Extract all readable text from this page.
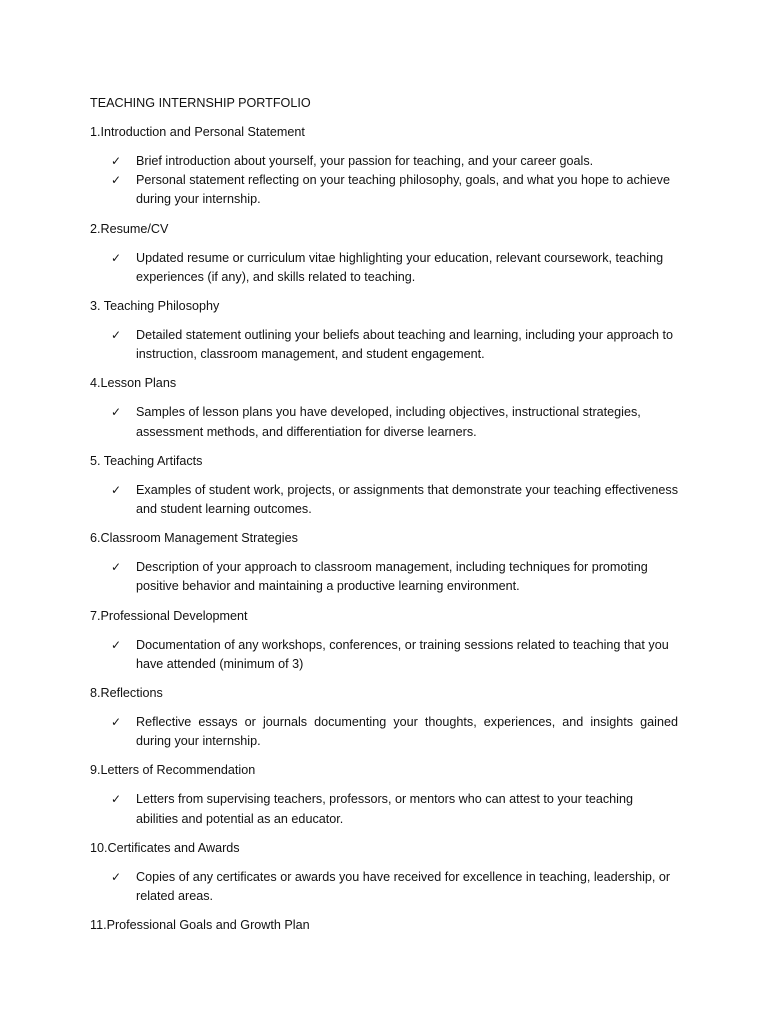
TEACHING INTERNSHIP PORTFOLIO
1.Introduction and Personal Statement
✓ Brief introduction about yourself, your passion for teaching, and your career goals.
✓ Personal statement reflecting on your teaching philosophy, goals, and what you hope to achieve during your internship.
2.Resume/CV
✓ Updated resume or curriculum vitae highlighting your education, relevant coursework, teaching experiences (if any), and skills related to teaching.
3. Teaching Philosophy
✓ Detailed statement outlining your beliefs about teaching and learning, including your approach to instruction, classroom management, and student engagement.
4.Lesson Plans
✓ Samples of lesson plans you have developed, including objectives, instructional strategies, assessment methods, and differentiation for diverse learners.
5. Teaching Artifacts
✓ Examples of student work, projects, or assignments that demonstrate your teaching effectiveness and student learning outcomes.
6.Classroom Management Strategies
✓ Description of your approach to classroom management, including techniques for promoting positive behavior and maintaining a productive learning environment.
7.Professional Development
✓ Documentation of any workshops, conferences, or training sessions related to teaching that you have attended (minimum of 3)
8.Reflections
✓ Reflective essays or journals documenting your thoughts, experiences, and insights gained during your internship.
9.Letters of Recommendation
✓ Letters from supervising teachers, professors, or mentors who can attest to your teaching abilities and potential as an educator.
10.Certificates and Awards
✓ Copies of any certificates or awards you have received for excellence in teaching, leadership, or related areas.
11.Professional Goals and Growth Plan
